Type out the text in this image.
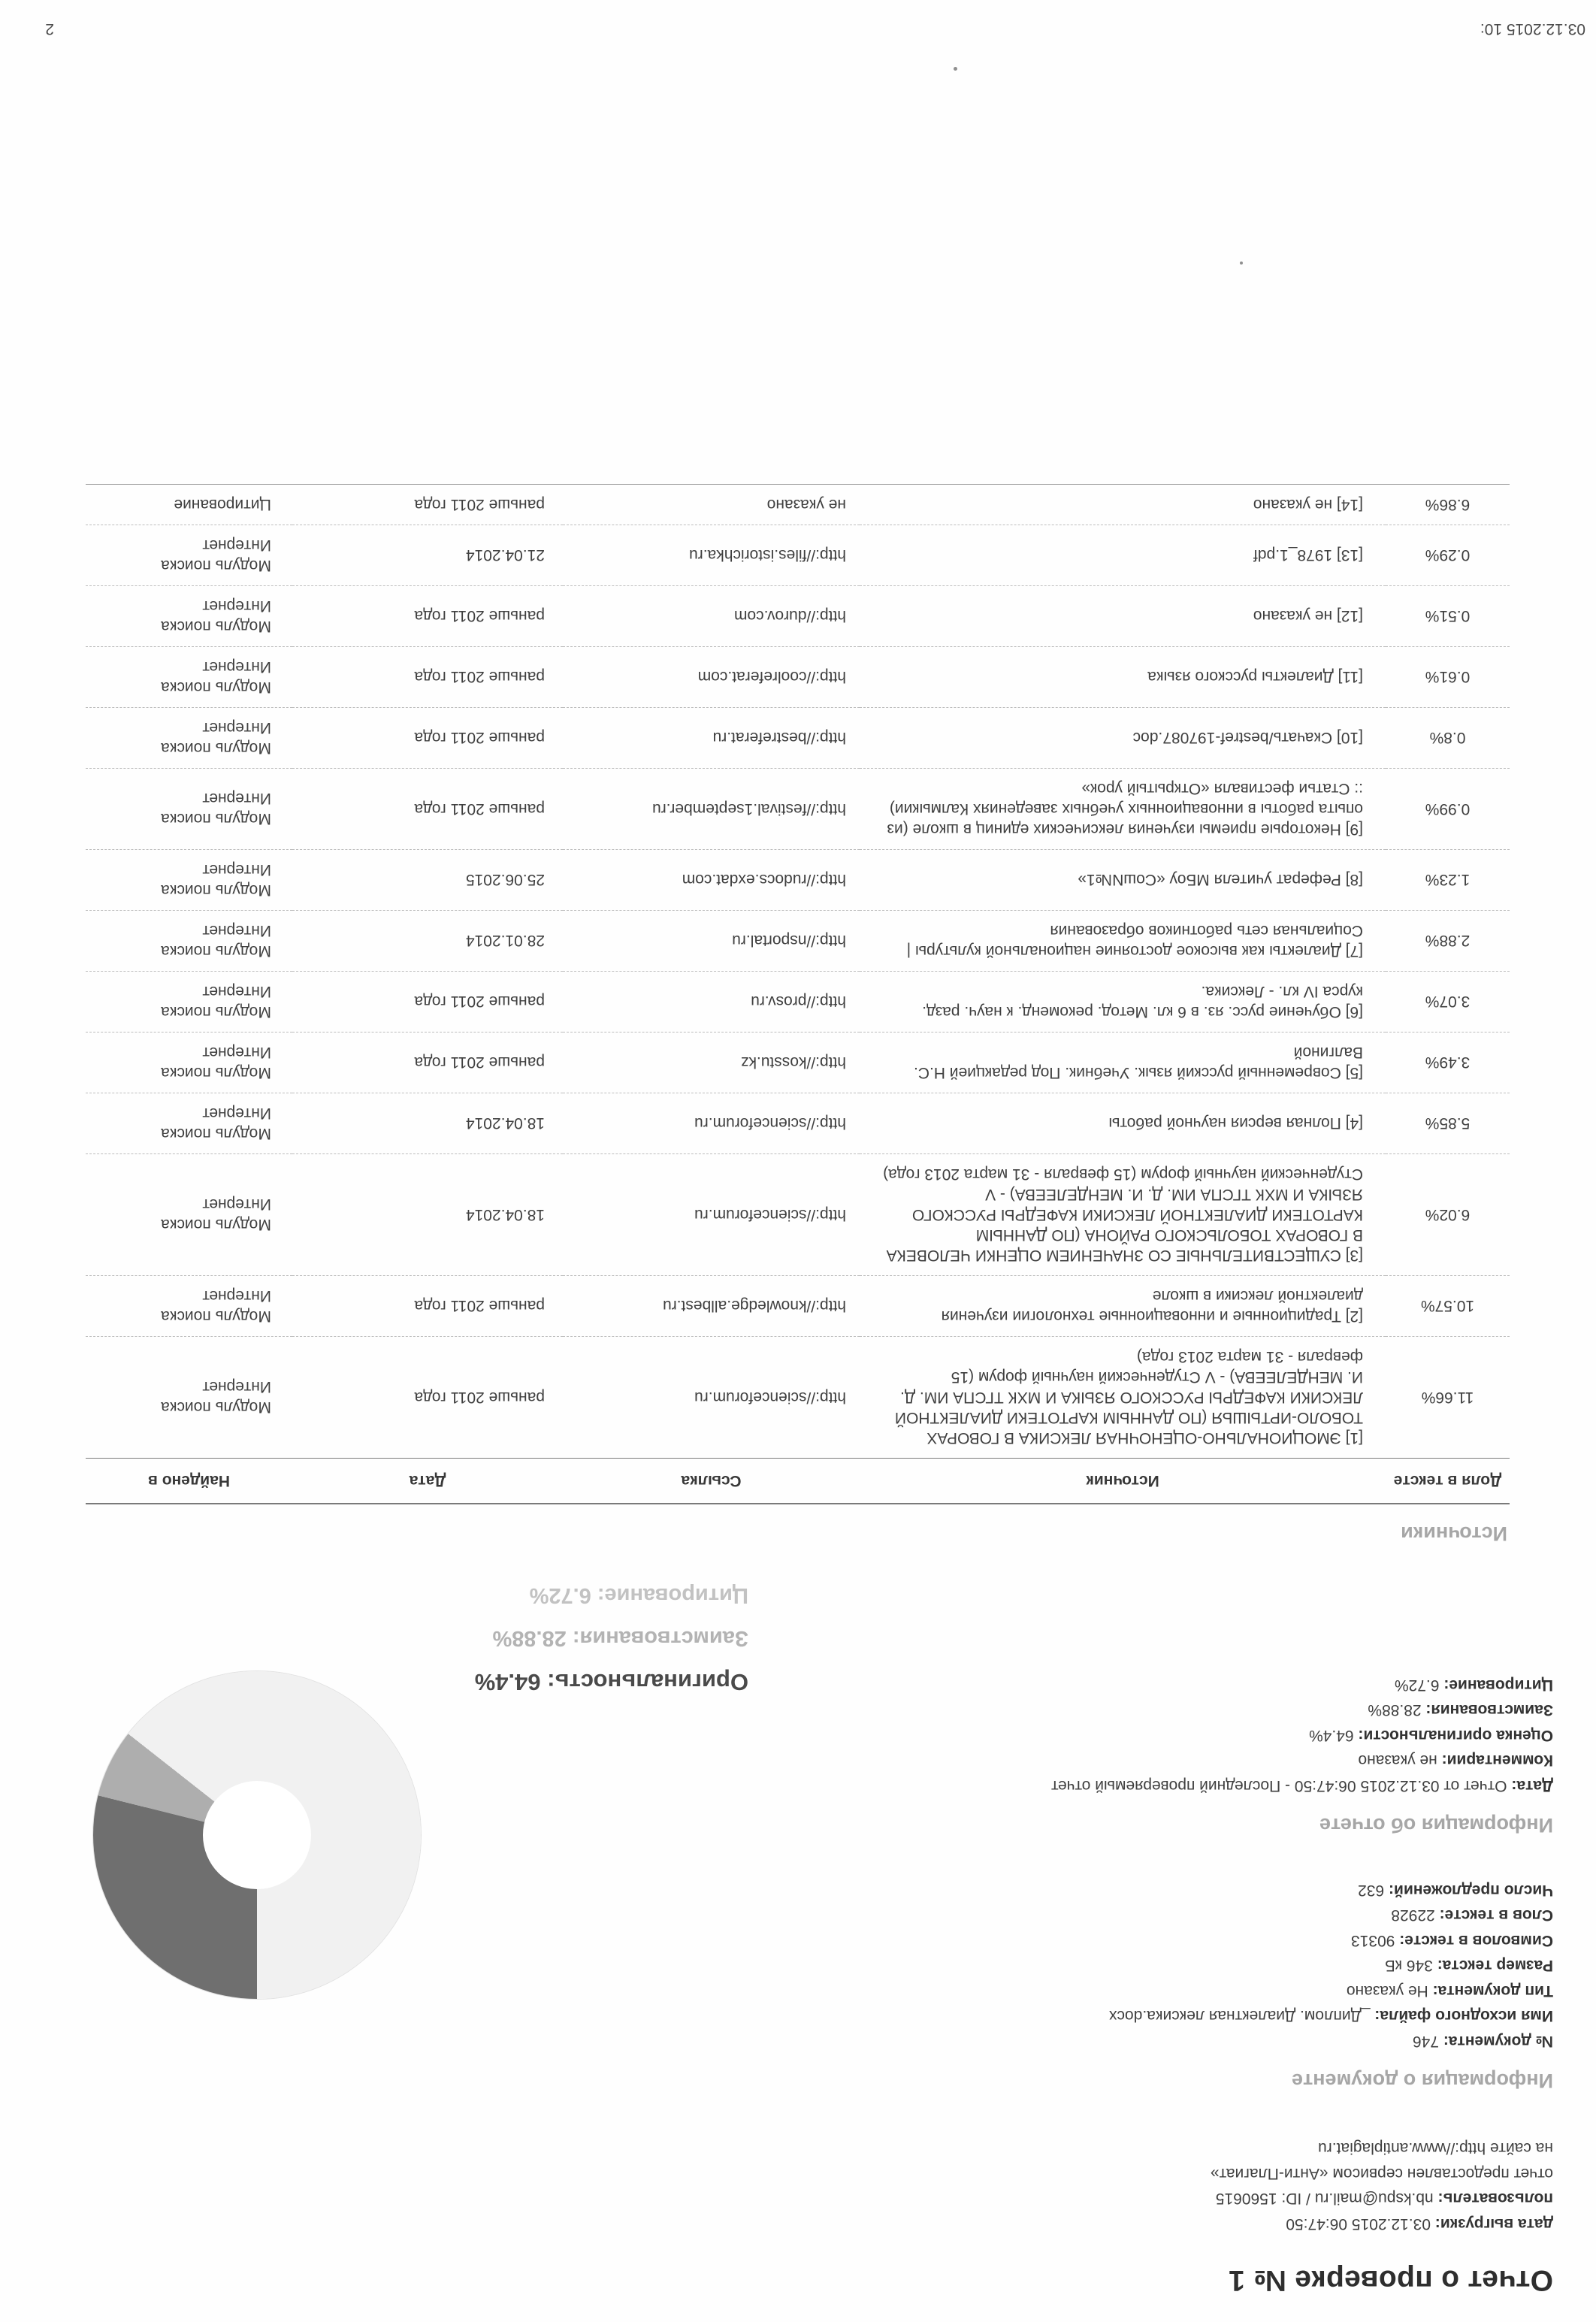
03.12.2015 10:
2
Отчет о проверке № 1
дата выгрузки: 03.12.2015 06:47:50
пользователь: nb.kspu@mail.ru / ID: 1560615
отчет предоставлен сервисом «Анти-Плагиат»
на сайте http://www.antiplagiat.ru
Информация о документе
№ документа: 746
Имя исходного файла: _Диплом. Диалектная лексика.docx
Тип документа: Не указано
Размер текста: 346 кБ
Символов в тексте: 90313
Слов в тексте: 22928
Число предложений: 632
Информация об отчете
Дата: Отчет от 03.12.2015 06:47:50 - Последний проверяемый отчет
Комментарии: не указано
Оценка оригинальности: 64.4%
Заимствования: 28.88%
Цитирование: 6.72%
Оригинальность: 64.4%
Заимствования: 28.88%
Цитирование: 6.72%
Источники
Доля в тексте	Источник	Ссылка	Дата	Найдено в
11.66%	[1] ЭМОЦИОНАЛЬНО-ОЦЕНОЧНАЯ ЛЕКСИКА В ГОВОРАХ ТОБОЛО-ИРТЫШЬЯ (ПО ДАННЫМ КАРТОТЕКИ ДИАЛЕКТНОЙ ЛЕКСИКИ КАФЕДРЫ РУССКОГО ЯЗЫКА И МХК ТГСПА ИМ. Д. И. МЕНДЕЛЕЕВА) - V Студенческий научный форум (15 февраля - 31 марта 2013 года)	http://scienceforum.ru	раньше 2011 года	Модуль поиска Интернет
10.57%	[2] Традиционные и инновационные технологии изучения диалектной лексики в школе	http://knowledge.allbest.ru	раньше 2011 года	Модуль поиска Интернет
6.02%	[3] СУЩЕСТВИТЕЛЬНЫЕ СО ЗНАЧЕНИЕМ ОЦЕНКИ ЧЕЛОВЕКА В ГОВОРАХ ТОБОЛЬСКОГО РАЙОНА (ПО ДАННЫМ КАРТОТЕКИ ДИАЛЕКТНОЙ ЛЕКСИКИ КАФЕДРЫ РУССКОГО ЯЗЫКА И МХК ТГСПА ИМ. Д. И. МЕНДЕЛЕЕВА) - V Студенческий научный форум (15 февраля - 31 марта 2013 года)	http://scienceforum.ru	18.04.2014	Модуль поиска Интернет
5.85%	[4] Полная версия научной работы	http://scienceforum.ru	18.04.2014	Модуль поиска Интернет
3.49%	[5] Современный русский язык. Учебник. Под редакцией Н.С. Валгиной	http://kosstu.kz	раньше 2011 года	Модуль поиска Интернет
3.07%	[6] Обучение русс. яз. в 6 кл. Метод. рекоменд. к науч. разд. курса IV кл. - Лексика.	http://prosv.ru	раньше 2011 года	Модуль поиска Интернет
2.88%	[7] Диалекты как высокое достояние национальной культуры | Социальная сеть работников образования	http://nsportal.ru	28.01.2014	Модуль поиска Интернет
1.23%	[8] Реферат учителя МБоу «СошN№1»	http://rudocs.exdat.com	25.06.2015	Модуль поиска Интернет
0.99%	[9] Некоторые приемы изучения лексических единиц в школе (из опыта работы в инновационных учебных заведениях Калмыкии) :: Статьи фестиваля «Открытый урок»	http://festival.1september.ru	раньше 2011 года	Модуль поиска Интернет
0.8%	[10] Скачать/bestref-197087.doc	http://bestreferat.ru	раньше 2011 года	Модуль поиска Интернет
0.61%	[11] Диалекты русского языка	http://coolreferat.com	раньше 2011 года	Модуль поиска Интернет
0.51%	[12] не указано	http://durov.com	раньше 2011 года	Модуль поиска Интернет
0.29%	[13] 1978_1.pdf	http://files.istorichka.ru	21.04.2014	Модуль поиска Интернет
6.86%	[14] не указано	не указано	раньше 2011 года	Цитирование
